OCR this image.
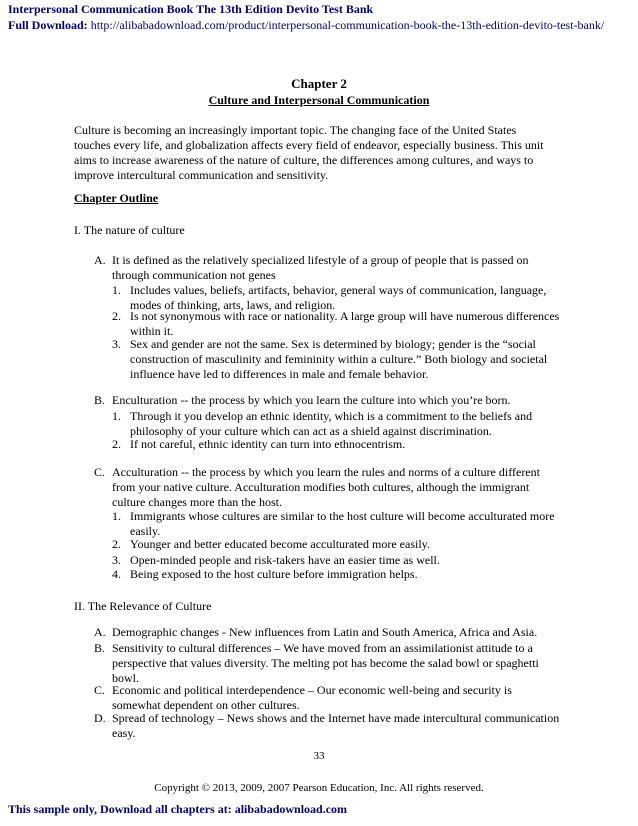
Interpersonal Communication Book The 13th Edition Devito Test Bank
Full Download: http://alibabadownload.com/product/interpersonal-communication-book-the-13th-edition-devito-test-bank/
Chapter 2
Culture and Interpersonal Communication
Culture is becoming an increasingly important topic. The changing face of the United States touches every life, and globalization affects every field of endeavor, especially business. This unit aims to increase awareness of the nature of culture, the differences among cultures, and ways to improve intercultural communication and sensitivity.
Chapter Outline
I. The nature of culture
A. It is defined as the relatively specialized lifestyle of a group of people that is passed on through communication not genes
1. Includes values, beliefs, artifacts, behavior, general ways of communication, language, modes of thinking, arts, laws, and religion.
2. Is not synonymous with race or nationality. A large group will have numerous differences within it.
3. Sex and gender are not the same. Sex is determined by biology; gender is the “social construction of masculinity and femininity within a culture.” Both biology and societal influence have led to differences in male and female behavior.
B. Enculturation -- the process by which you learn the culture into which you’re born.
1. Through it you develop an ethnic identity, which is a commitment to the beliefs and philosophy of your culture which can act as a shield against discrimination.
2. If not careful, ethnic identity can turn into ethnocentrism.
C. Acculturation -- the process by which you learn the rules and norms of a culture different from your native culture. Acculturation modifies both cultures, although the immigrant culture changes more than the host.
1. Immigrants whose cultures are similar to the host culture will become acculturated more easily.
2. Younger and better educated become acculturated more easily.
3. Open-minded people and risk-takers have an easier time as well.
4. Being exposed to the host culture before immigration helps.
II. The Relevance of Culture
A. Demographic changes - New influences from Latin and South America, Africa and Asia.
B. Sensitivity to cultural differences – We have moved from an assimilationist attitude to a perspective that values diversity. The melting pot has become the salad bowl or spaghetti bowl.
C. Economic and political interdependence – Our economic well-being and security is somewhat dependent on other cultures.
D. Spread of technology – News shows and the Internet have made intercultural communication easy.
33
Copyright © 2013, 2009, 2007 Pearson Education, Inc. All rights reserved.
This sample only, Download all chapters at: alibabadownload.com
